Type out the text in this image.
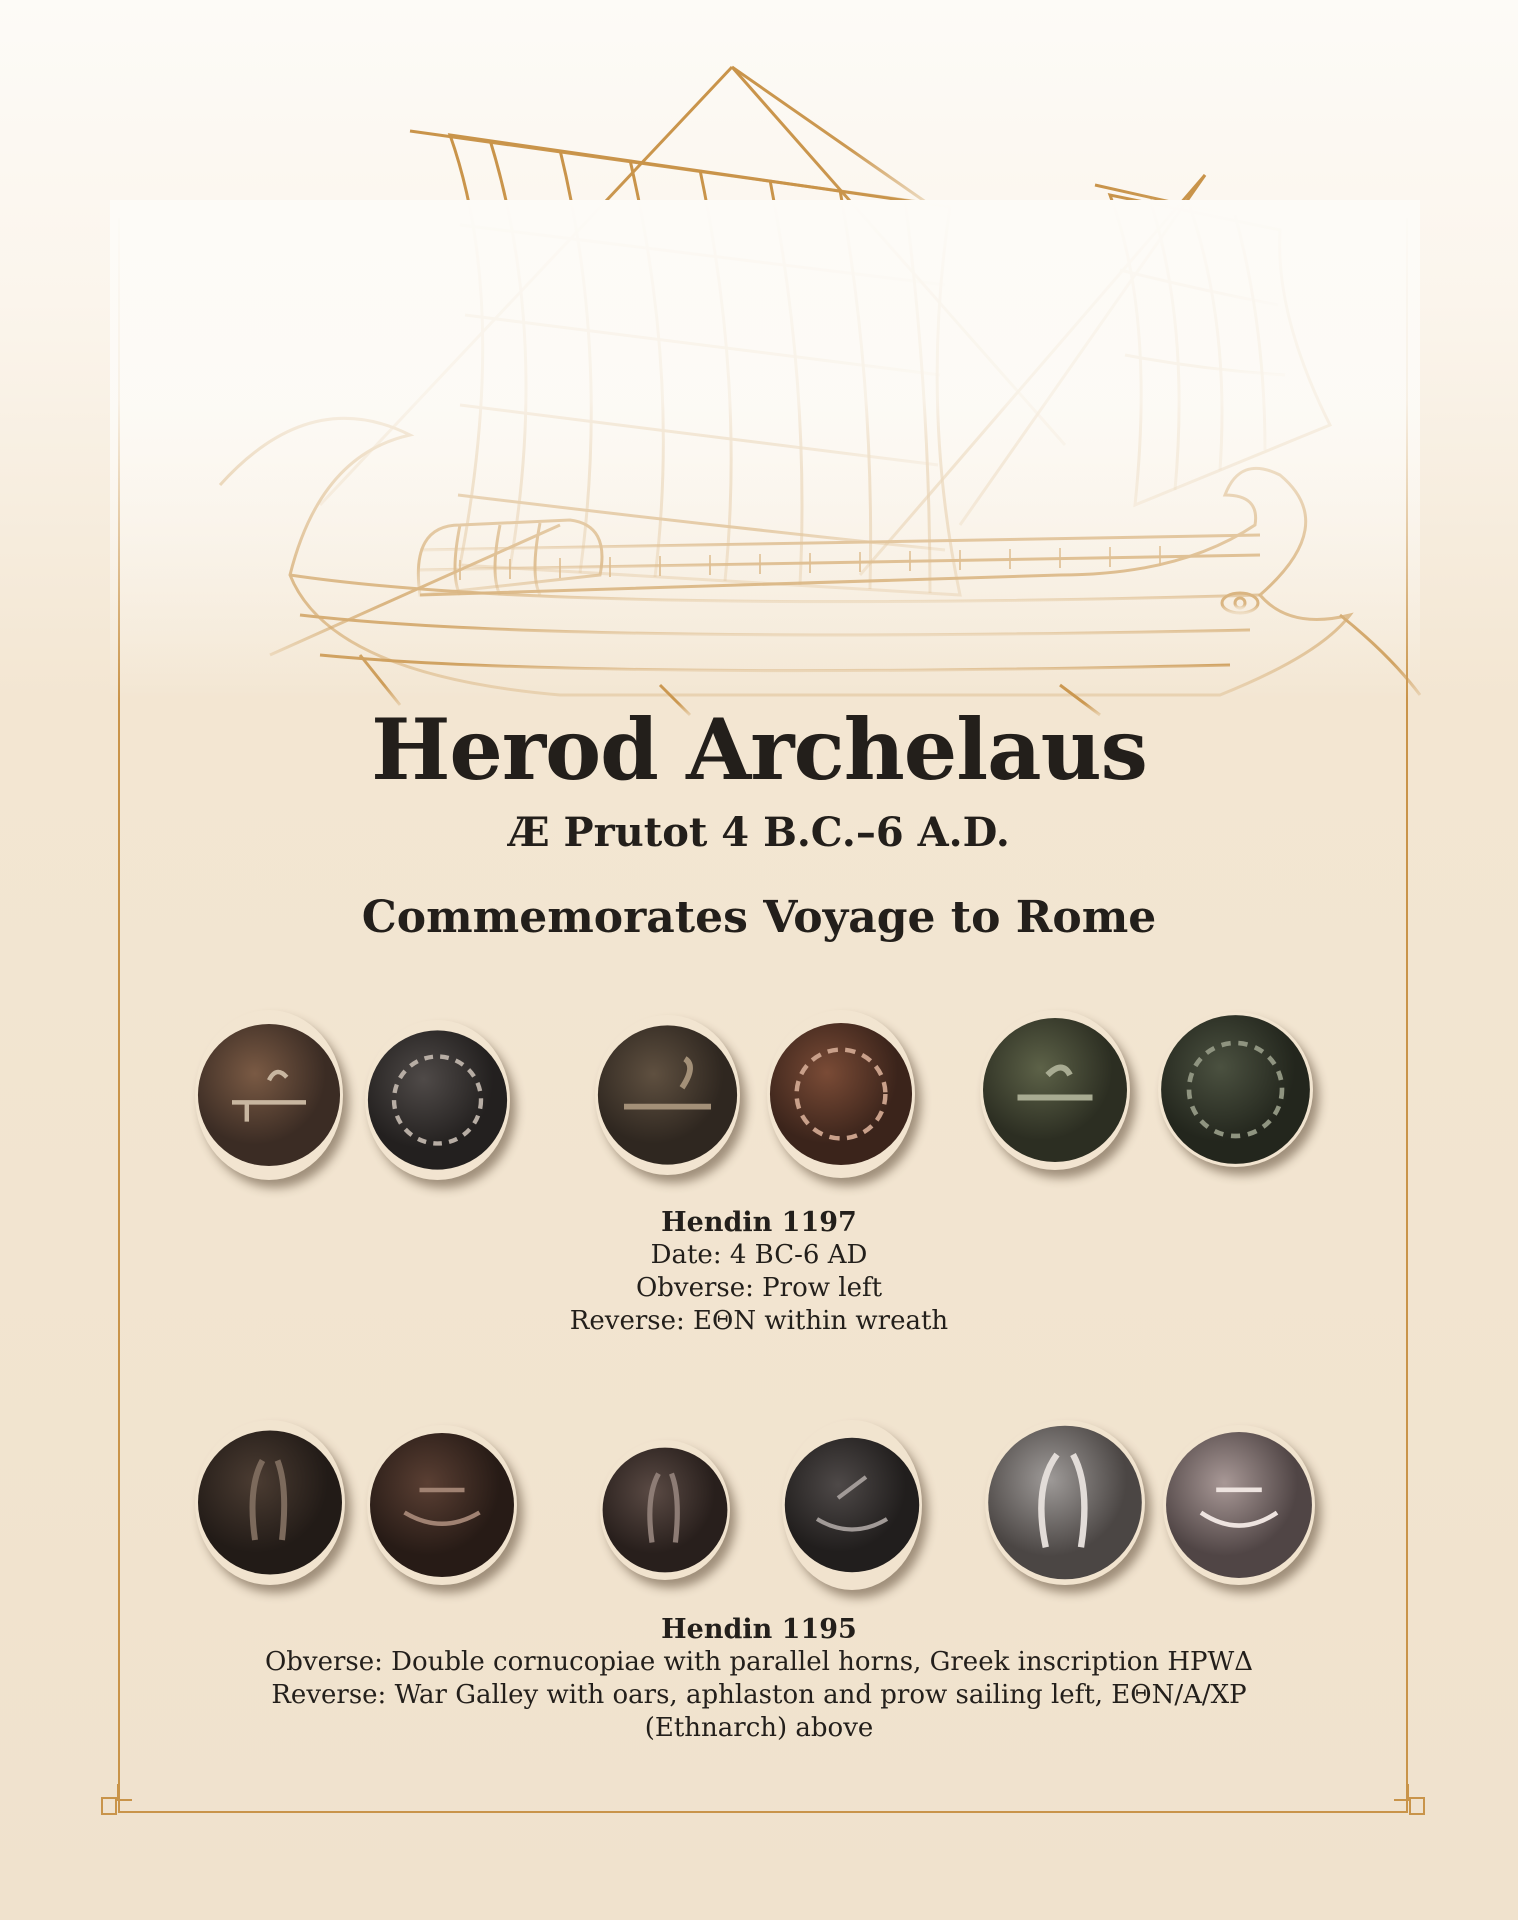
Herod Archelaus
Æ Prutot 4 B.C.–6 A.D.
Commemorates Voyage to Rome
Hendin 1197
Date: 4 BC-6 AD
Obverse: Prow left
Reverse: EΘN within wreath
Hendin 1195
Obverse: Double cornucopiae with parallel horns, Greek inscription HPWΔ
Reverse: War Galley with oars, aphlaston and prow sailing left, EΘN/A/XP
(Ethnarch) above
